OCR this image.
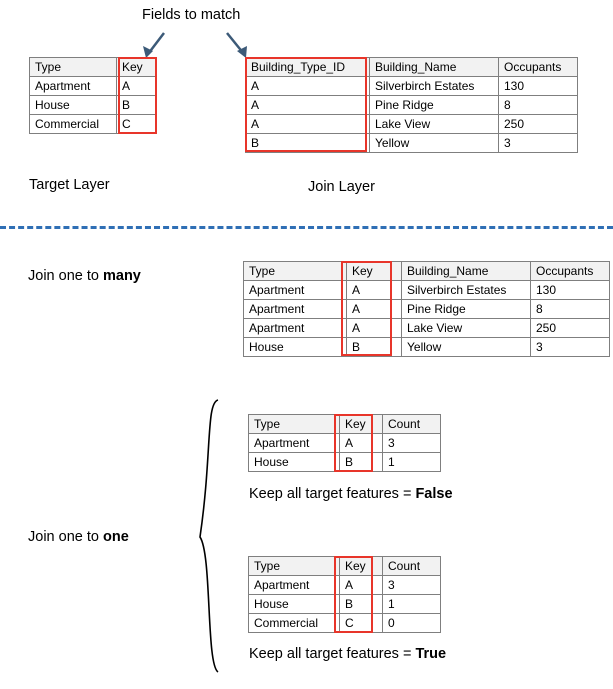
Fields to match
Type	Key
Apartment	A
House	B
Commercial	C
Building_Type_ID	Building_Name	Occupants
A	Silverbirch Estates	130
A	Pine Ridge	8
A	Lake View	250
B	Yellow	3
Target Layer	Join Layer
Join one to many	Type	Key	Building_Name	Occupants
Apartment	A	Silverbirch Estates	130
Apartment	A	Pine Ridge	8
Apartment	A	Lake View	250
House	B	Yellow	3
Type	Key	Count
Apartment	A	3
House	B	1
Keep all target features = False
Join one to one
Type	Key	Count
Apartment	A	3
House	B	1
Commercial	C	0
Keep all target features = True
